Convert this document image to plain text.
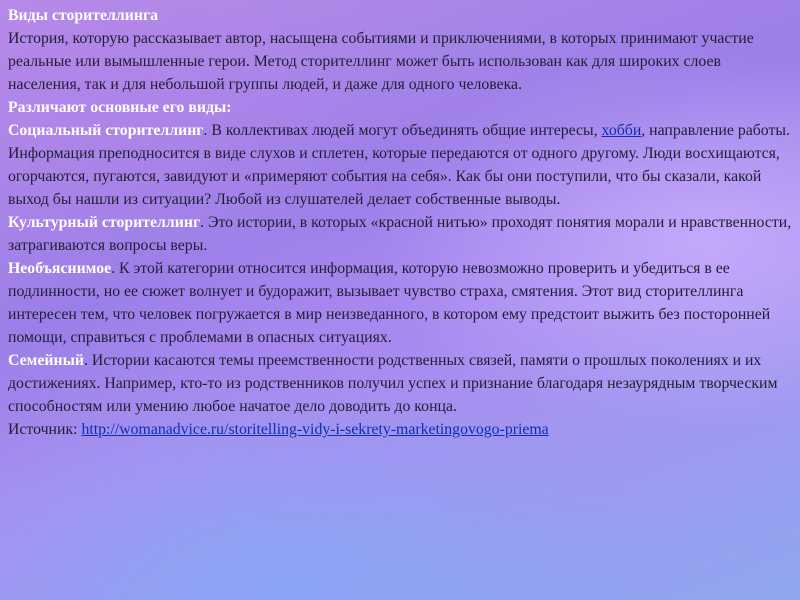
Виды сторителлинга

История, которую рассказывает автор, насыщена событиями и приключениями, в которых принимают участие реальные или вымышленные герои. Метод сторителлинг может быть использован как для широких слоев населения, так и для небольшой группы людей, и даже для одного человека.

Различают основные его виды:

Социальный сторителлинг. В коллективах людей могут объединять общие интересы, хобби, направление работы. Информация преподносится в виде слухов и сплетен, которые передаются от одного другому. Люди восхищаются, огорчаются, пугаются, завидуют и «примеряют события на себя». Как бы они поступили, что бы сказали, какой выход бы нашли из ситуации? Любой из слушателей делает собственные выводы.

Культурный сторителлинг. Это истории, в которых «красной нитью» проходят понятия морали и нравственности, затрагиваются вопросы веры.

Необъяснимое. К этой категории относится информация, которую невозможно проверить и убедиться в ее подлинности, но ее сюжет волнует и будоражит, вызывает чувство страха, смятения. Этот вид сторителлинга интересен тем, что человек погружается в мир неизведанного, в котором ему предстоит выжить без посторонней помощи, справиться с проблемами в опасных ситуациях.

Семейный. Истории касаются темы преемственности родственных связей, памяти о прошлых поколениях и их достижениях. Например, кто-то из родственников получил успех и признание благодаря незаурядным творческим способностям или умению любое начатое дело доводить до конца.

Источник: http://womanadvice.ru/storitelling-vidy-i-sekrety-marketingovogo-priema
